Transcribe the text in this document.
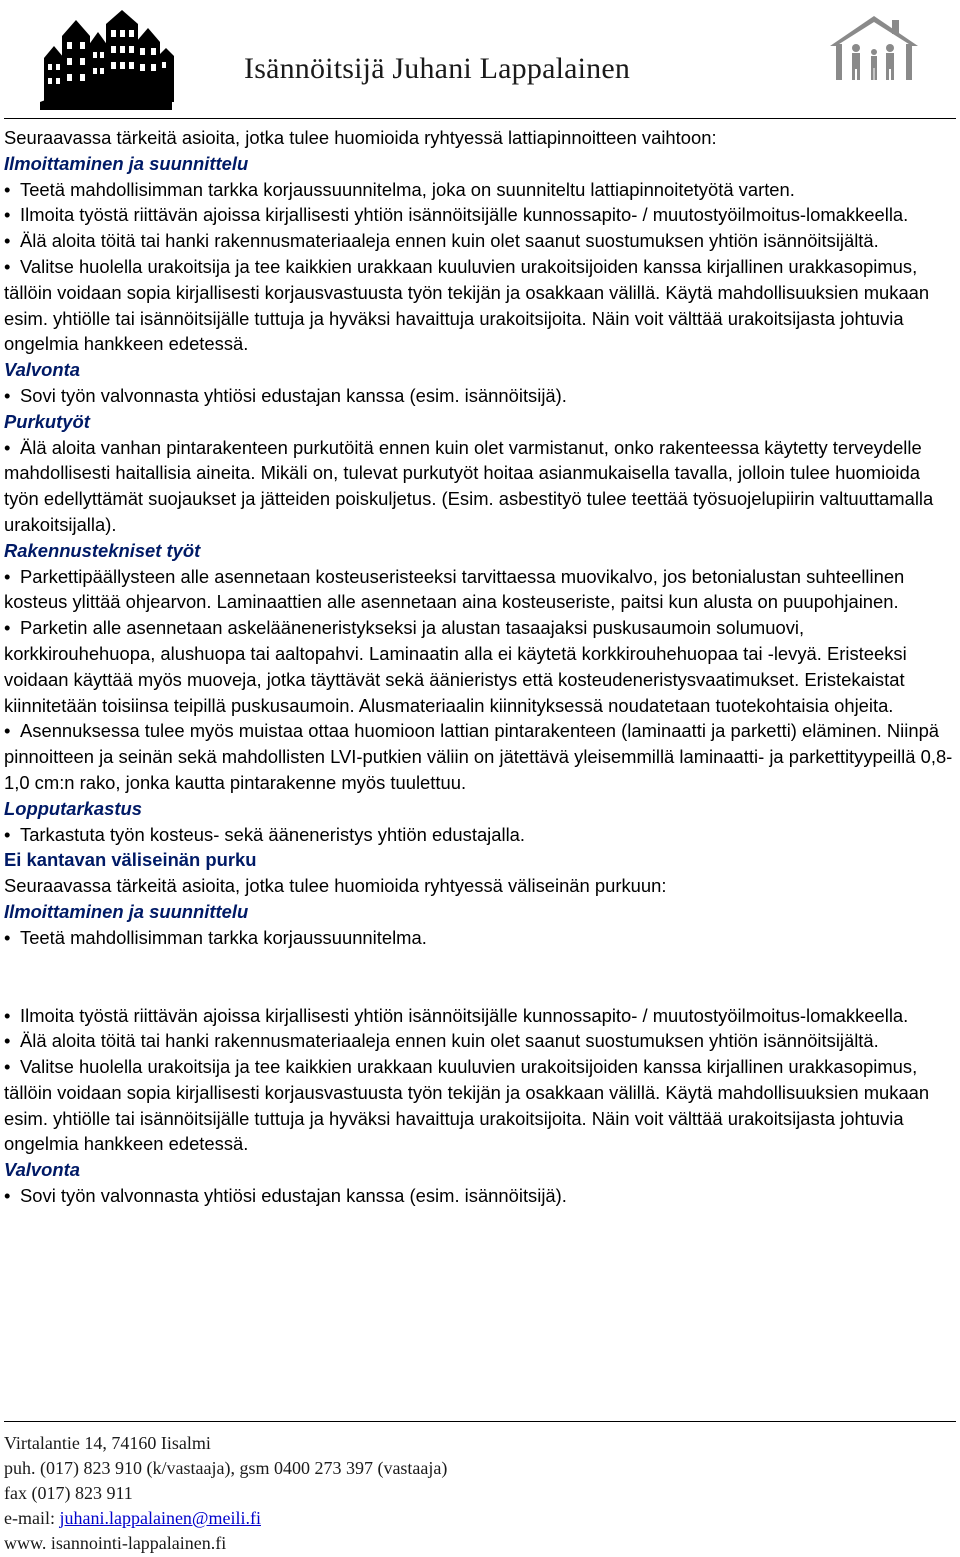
Isännöitsijä Juhani Lappalainen

Seuraavassa tärkeitä asioita, jotka tulee huomioida ryhtyessä lattiapinnoitteen vaihtoon:

Ilmoittaminen ja suunnittelu

• Teetä mahdollisimman tarkka korjaussuunnitelma, joka on suunniteltu lattiapinnoitetyötä varten.
• Ilmoita työstä riittävän ajoissa kirjallisesti yhtiön isännöitsijälle kunnossapito- / muutostyöilmoitus-lomakkeella.
• Älä aloita töitä tai hanki rakennusmateriaaleja ennen kuin olet saanut suostumuksen yhtiön isännöitsijältä.
• Valitse huolella urakoitsija ja tee kaikkien urakkaan kuuluvien urakoitsijoiden kanssa kirjallinen urakkasopimus, tällöin voidaan sopia kirjallisesti korjausvastuusta työn tekijän ja osakkaan välillä. Käytä mahdollisuuksien mukaan esim. yhtiölle tai isännöitsijälle tuttuja ja hyväksi havaittuja urakoitsijoita. Näin voit välttää urakoitsijasta johtuvia ongelmia hankkeen edetessä.

Valvonta

• Sovi työn valvonnasta yhtiösi edustajan kanssa (esim. isännöitsijä).

Purkutyöt

• Älä aloita vanhan pintarakenteen purkutöitä ennen kuin olet varmistanut, onko rakenteessa käytetty terveydelle mahdollisesti haitallisia aineita. Mikäli on, tulevat purkutyöt hoitaa asianmukaisella tavalla, jolloin tulee huomioida työn edellyttämät suojaukset ja jätteiden poiskuljetus. (Esim. asbestityö tulee teettää työsuojelupiirin valtuuttamalla urakoitsijalla).

Rakennustekniset työt

• Parkettipäällysteen alle asennetaan kosteuseristeeksi tarvittaessa muovikalvo, jos betonialustan suhteellinen kosteus ylittää ohjearvon. Laminaattien alle asennetaan aina kosteuseriste, paitsi kun alusta on puupohjainen.
• Parketin alle asennetaan askelääneneristykseksi ja alustan tasaajaksi puskusaumoin solumuovi, korkkirouhehuopa, alushuopa tai aaltopahvi. Laminaatin alla ei käytetä korkkirouhehuopaa tai -levyä. Eristeeksi voidaan käyttää myös muoveja, jotka täyttävät sekä äänieristys että kosteudeneristysvaatimukset. Eristekaistat kiinnitetään toisiinsa teipillä puskusaumoin. Alusmateriaalin kiinnityksessä noudatetaan tuotekohtaisia ohjeita.
• Asennuksessa tulee myös muistaa ottaa huomioon lattian pintarakenteen (laminaatti ja parketti) eläminen. Niinpä pinnoitteen ja seinän sekä mahdollisten LVI-putkien väliin on jätettävä yleisemmillä laminaatti- ja parkettityypeillä 0,8-1,0 cm:n rako, jonka kautta pintarakenne myös tuulettuu.

Lopputarkastus

• Tarkastuta työn kosteus- sekä ääneneristys yhtiön edustajalla.

Ei kantavan väliseinän purku

Seuraavassa tärkeitä asioita, jotka tulee huomioida ryhtyessä väliseinän purkuun:

Ilmoittaminen ja suunnittelu

• Teetä mahdollisimman tarkka korjaussuunnitelma.
• Ilmoita työstä riittävän ajoissa kirjallisesti yhtiön isännöitsijälle kunnossapito- / muutostyöilmoitus-lomakkeella.
• Älä aloita töitä tai hanki rakennusmateriaaleja ennen kuin olet saanut suostumuksen yhtiön isännöitsijältä.
• Valitse huolella urakoitsija ja tee kaikkien urakkaan kuuluvien urakoitsijoiden kanssa kirjallinen urakkasopimus, tällöin voidaan sopia kirjallisesti korjausvastuusta työn tekijän ja osakkaan välillä. Käytä mahdollisuuksien mukaan esim. yhtiölle tai isännöitsijälle tuttuja ja hyväksi havaittuja urakoitsijoita. Näin voit välttää urakoitsijasta johtuvia ongelmia hankkeen edetessä.

Valvonta

• Sovi työn valvonnasta yhtiösi edustajan kanssa (esim. isännöitsijä).
Virtalantie 14, 74160 Iisalmi
puh. (017) 823 910 (k/vastaaja), gsm 0400 273 397 (vastaaja)
fax (017) 823 911
e-mail: juhani.lappalainen@meili.fi
www. isannointi-lappalainen.fi
